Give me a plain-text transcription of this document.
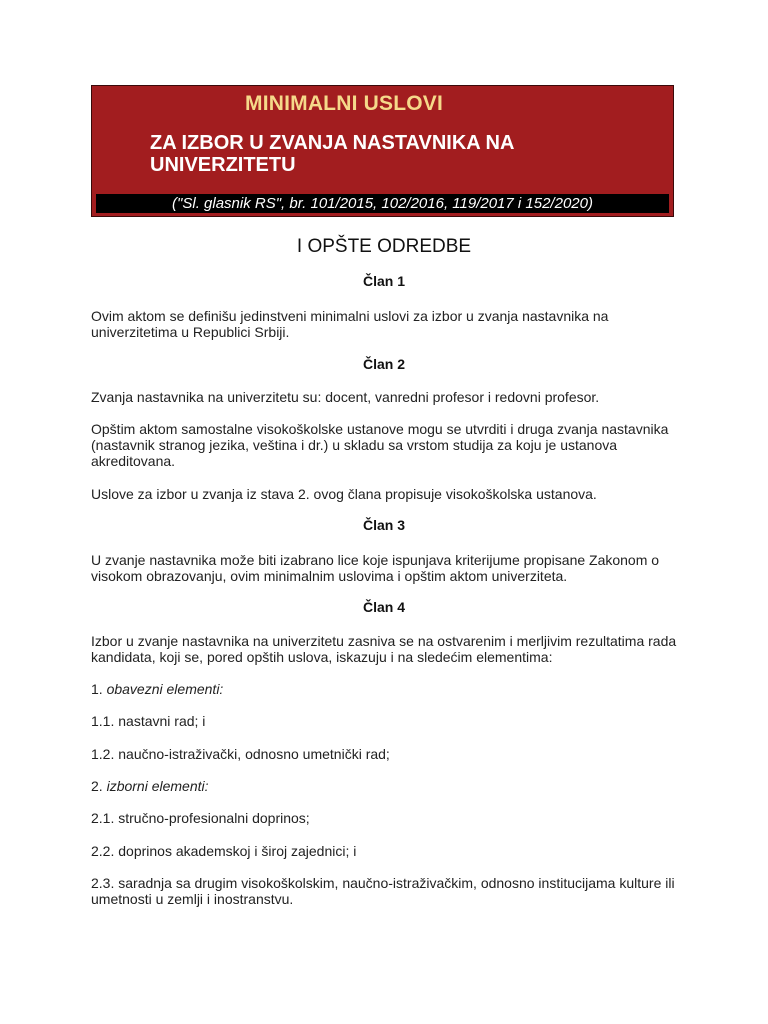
MINIMALNI USLOVI
ZA IZBOR U ZVANJA NASTAVNIKA NA UNIVERZITETU
("Sl. glasnik RS", br. 101/2015, 102/2016, 119/2017 i 152/2020)
I OPŠTE ODREDBE
Član 1
Ovim aktom se definišu jedinstveni minimalni uslovi za izbor u zvanja nastavnika na univerzitetima u Republici Srbiji.
Član 2
Zvanja nastavnika na univerzitetu su: docent, vanredni profesor i redovni profesor.
Opštim aktom samostalne visokoškolske ustanove mogu se utvrditi i druga zvanja nastavnika (nastavnik stranog jezika, veština i dr.) u skladu sa vrstom studija za koju je ustanova akreditovana.
Uslove za izbor u zvanja iz stava 2. ovog člana propisuje visokoškolska ustanova.
Član 3
U zvanje nastavnika može biti izabrano lice koje ispunjava kriterijume propisane Zakonom o visokom obrazovanju, ovim minimalnim uslovima i opštim aktom univerziteta.
Član 4
Izbor u zvanje nastavnika na univerzitetu zasniva se na ostvarenim i merljivim rezultatima rada kandidata, koji se, pored opštih uslova, iskazuju i na sledećim elementima:
1. obavezni elementi:
1.1. nastavni rad; i
1.2. naučno-istraživački, odnosno umetnički rad;
2. izborni elementi:
2.1. stručno-profesionalni doprinos;
2.2. doprinos akademskoj i široj zajednici; i
2.3. saradnja sa drugim visokoškolskim, naučno-istraživačkim, odnosno institucijama kulture ili umetnosti u zemlji i inostranstvu.
